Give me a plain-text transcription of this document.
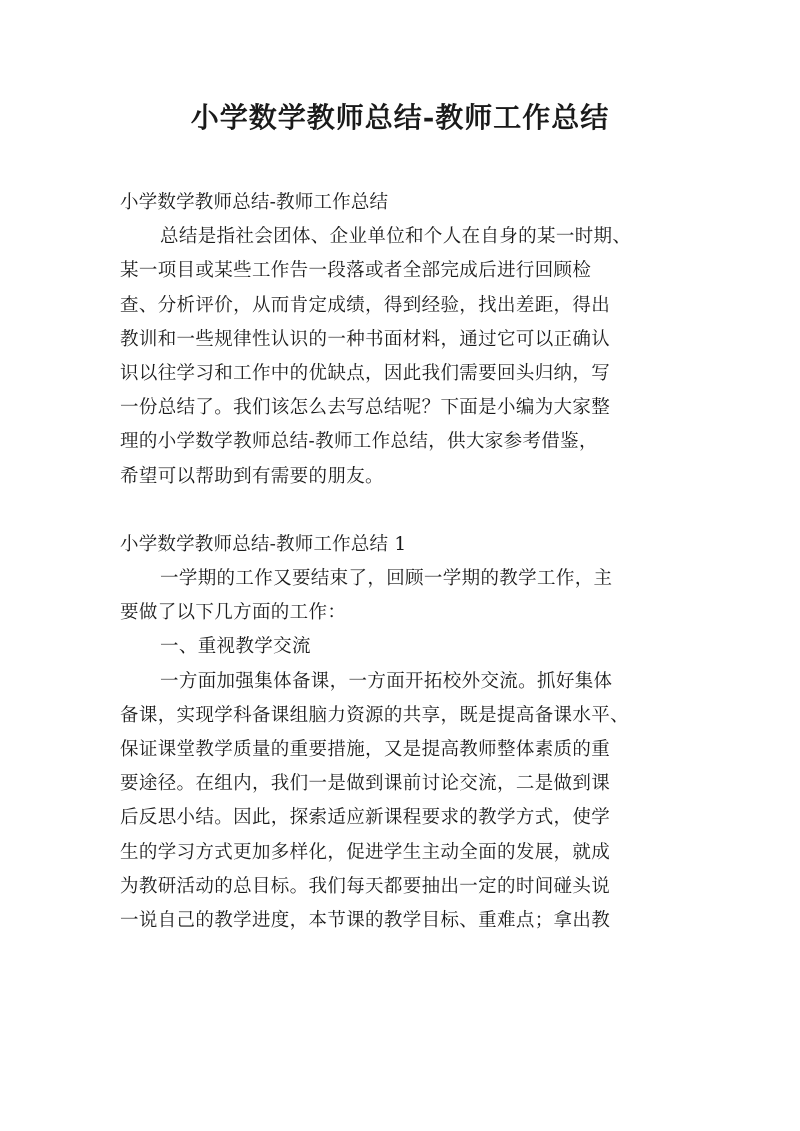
小学数学教师总结-教师工作总结
小学数学教师总结-教师工作总结
总结是指社会团体、企业单位和个人在自身的某一时期、
某一项目或某些工作告一段落或者全部完成后进行回顾检
查、分析评价，从而肯定成绩，得到经验，找出差距，得出
教训和一些规律性认识的一种书面材料，通过它可以正确认
识以往学习和工作中的优缺点，因此我们需要回头归纳，写
一份总结了。我们该怎么去写总结呢？下面是小编为大家整
理的小学数学教师总结-教师工作总结，供大家参考借鉴，
希望可以帮助到有需要的朋友。
小学数学教师总结-教师工作总结 1
一学期的工作又要结束了，回顾一学期的教学工作，主
要做了以下几方面的工作：
一、重视教学交流
一方面加强集体备课，一方面开拓校外交流。抓好集体
备课，实现学科备课组脑力资源的共享，既是提高备课水平、
保证课堂教学质量的重要措施，又是提高教师整体素质的重
要途径。在组内，我们一是做到课前讨论交流，二是做到课
后反思小结。因此，探索适应新课程要求的教学方式，使学
生的学习方式更加多样化，促进学生主动全面的发展，就成
为教研活动的总目标。我们每天都要抽出一定的时间碰头说
一说自己的教学进度，本节课的教学目标、重难点；拿出教
